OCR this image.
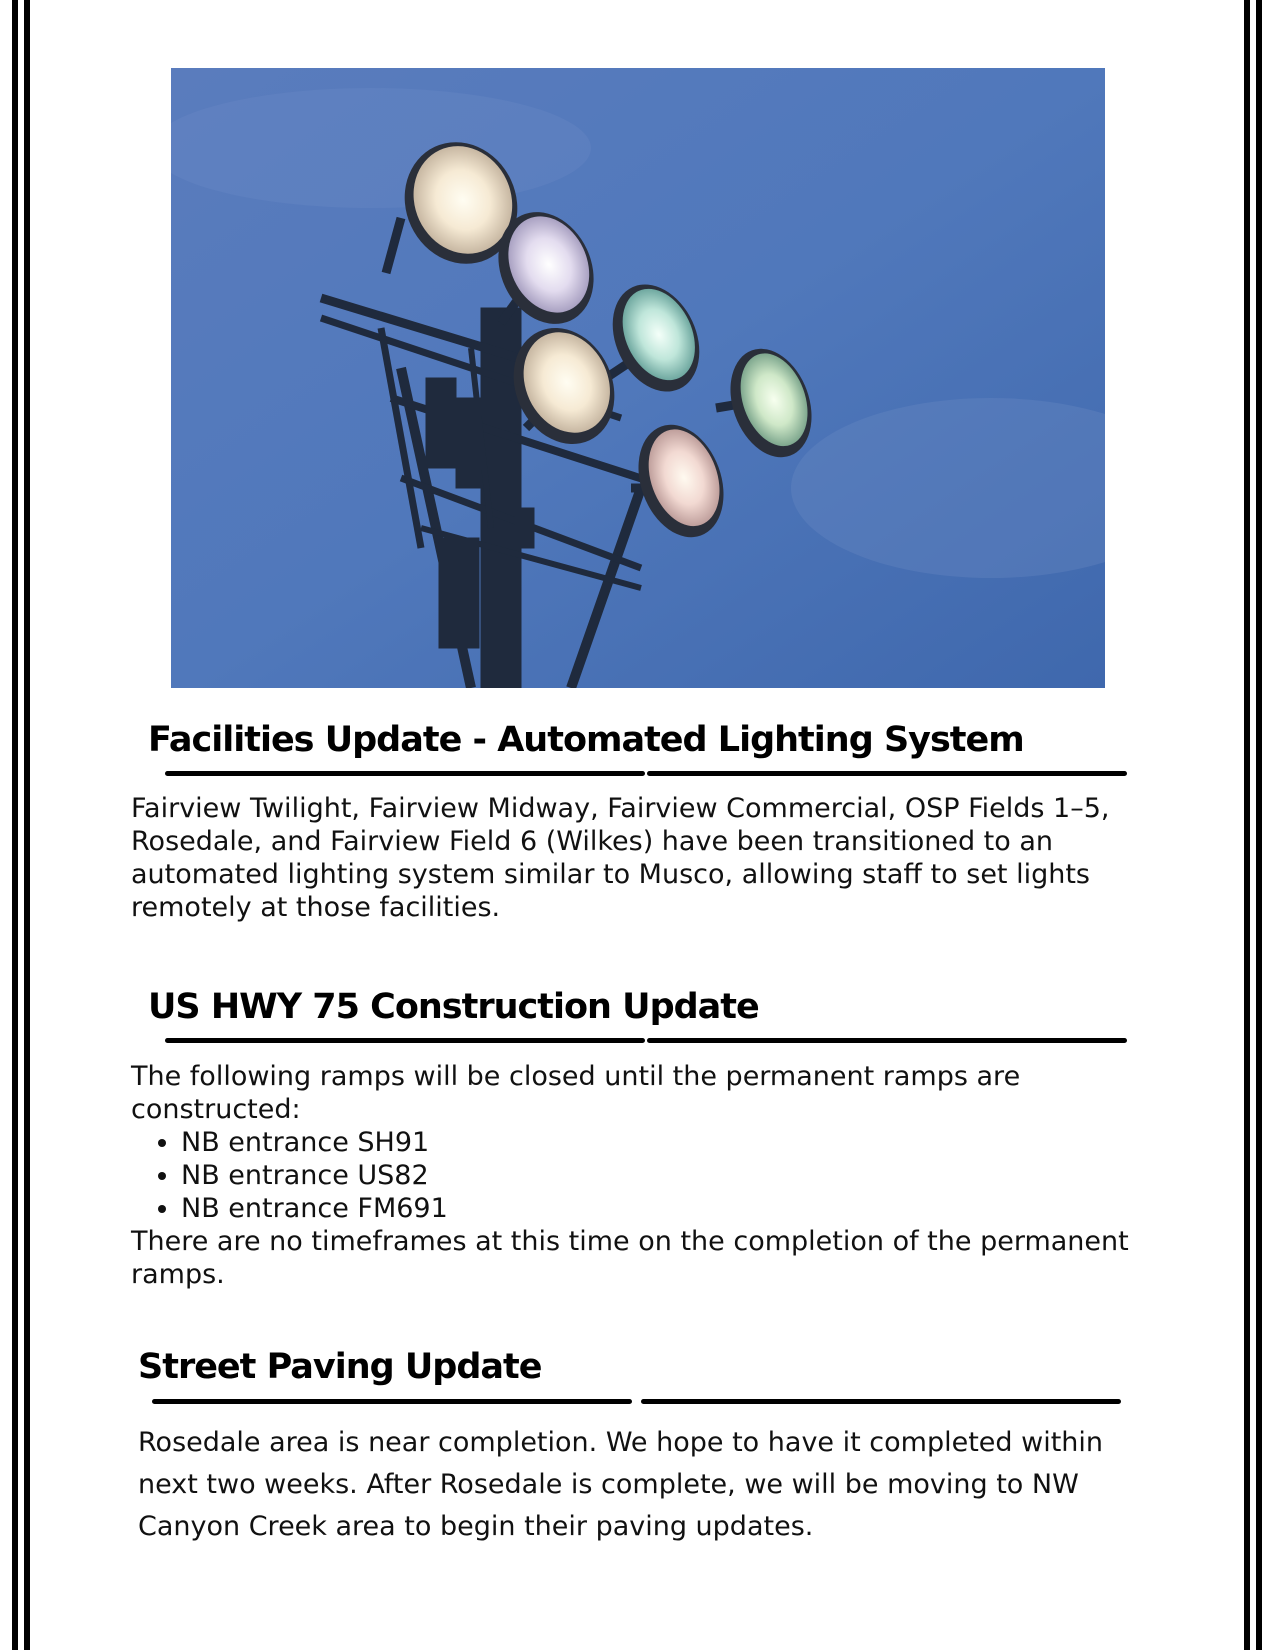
Facilities Update - Automated Lighting System

Fairview Twilight, Fairview Midway, Fairview Commercial, OSP Fields 1–5, Rosedale, and Fairview Field 6 (Wilkes) have been transitioned to an automated lighting system similar to Musco, allowing staff to set lights remotely at those facilities.

US HWY 75 Construction Update

The following ramps will be closed until the permanent ramps are constructed:

• NB entrance SH91
• NB entrance US82
• NB entrance FM691

There are no timeframes at this time on the completion of the permanent ramps.

Street Paving Update

Rosedale area is near completion. We hope to have it completed within next two weeks. After Rosedale is complete, we will be moving to NW Canyon Creek area to begin their paving updates.
